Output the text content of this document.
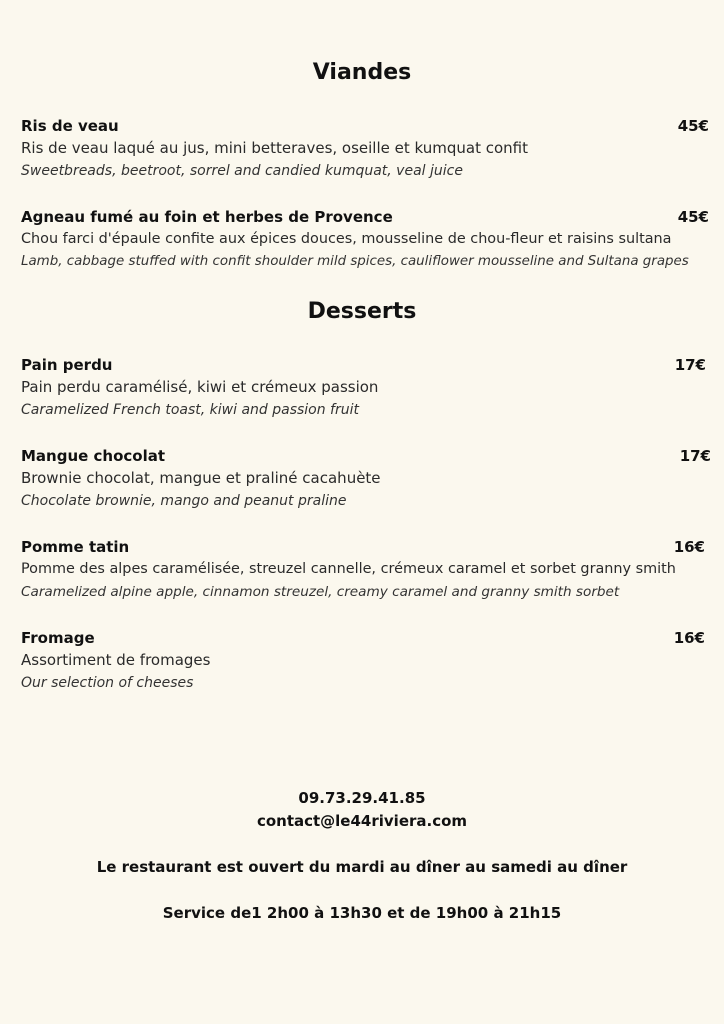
Viandes
Ris de veau	45€
Ris de veau laqué au jus, mini betteraves, oseille et kumquat confit
Sweetbreads, beetroot, sorrel and candied kumquat, veal juice
Agneau fumé au foin et herbes de Provence	45€
Chou farci d'épaule confite aux épices douces, mousseline de chou-fleur et raisins sultana
Lamb, cabbage stuffed with confit shoulder mild spices, cauliflower mousseline and Sultana grapes
Desserts
Pain perdu	17€
Pain perdu caramélisé, kiwi et crémeux passion
Caramelized French toast, kiwi and passion fruit
Mangue chocolat	17€
Brownie chocolat, mangue et praliné cacahuète
Chocolate brownie, mango and peanut praline
Pomme tatin	16€
Pomme des alpes caramélisée, streuzel cannelle, crémeux caramel et sorbet granny smith
Caramelized alpine apple, cinnamon streuzel, creamy caramel and granny smith sorbet
Fromage	16€
Assortiment de fromages
Our selection of cheeses
09.73.29.41.85
contact@le44riviera.com
Le restaurant est ouvert du mardi au dîner au samedi au dîner
Service de1 2h00 à 13h30 et de 19h00 à 21h15
